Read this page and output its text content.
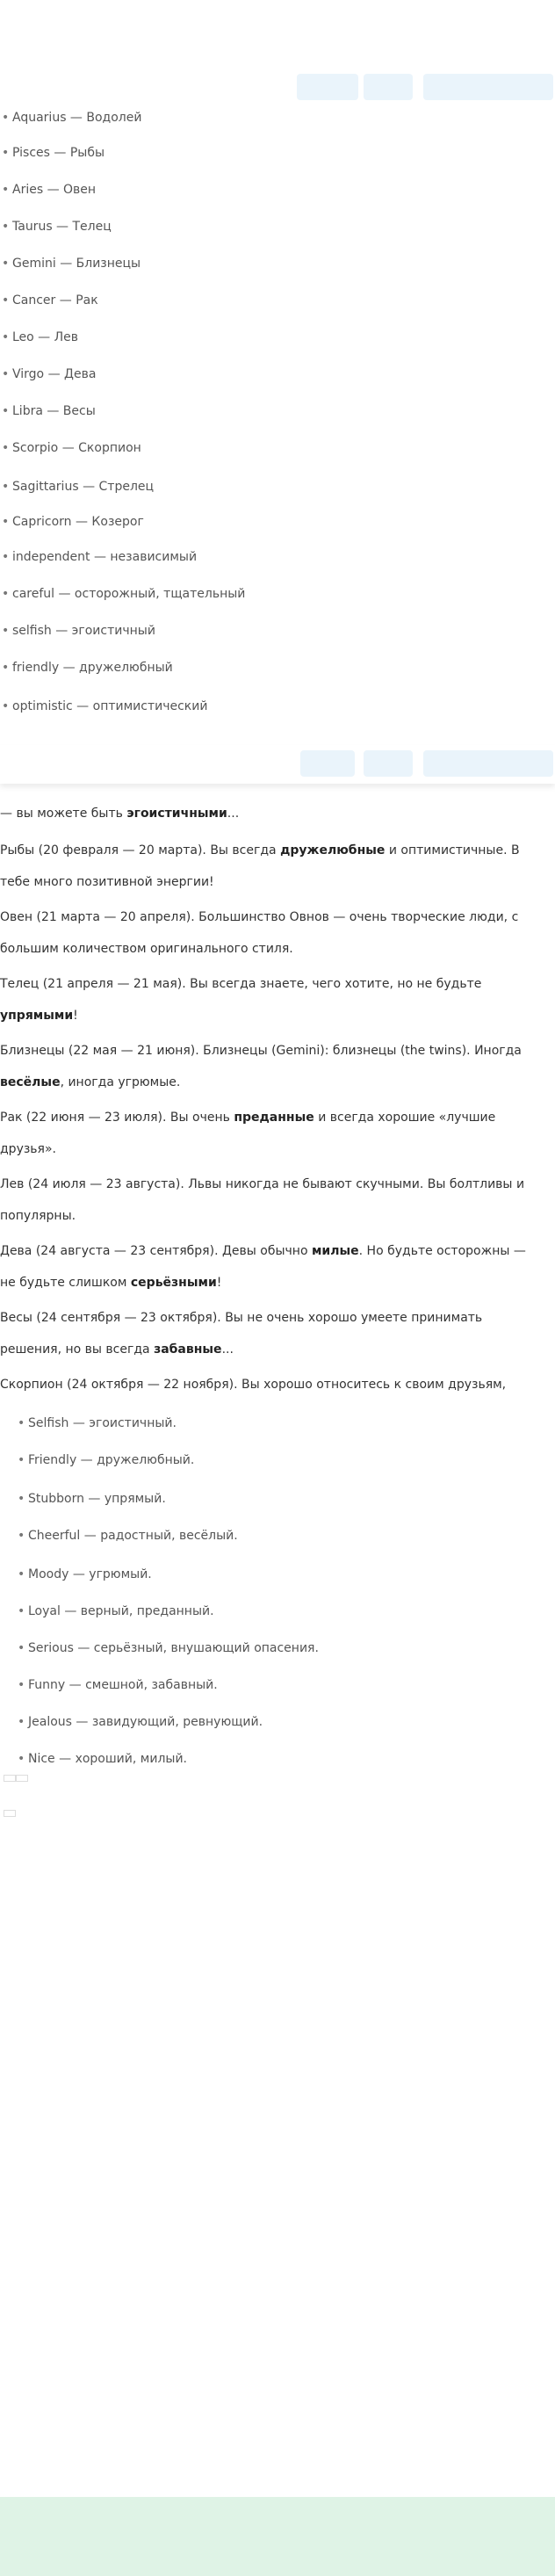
• Aquarius — Водолей
• Pisces — Рыбы
• Aries — Овен
• Taurus — Телец
• Gemini — Близнецы
• Cancer — Рак
• Leo — Лев
• Virgo — Дева
• Libra — Весы
• Scorpio — Скорпион
• Sagittarius — Стрелец
• Capricorn — Козерог
• independent — независимый
• careful — осторожный, тщательный
• selfish — эгоистичный
• friendly — дружелюбный
• optimistic — оптимистический
— вы можете быть эгоистичными...
Рыбы (20 февраля — 20 марта). Вы всегда дружелюбные и оптимистичные. В
тебе много позитивной энергии!
Овен (21 марта — 20 апреля). Большинство Овнов — очень творческие люди, с
большим количеством оригинального стиля.
Телец (21 апреля — 21 мая). Вы всегда знаете, чего хотите, но не будьте
упрямыми!
Близнецы (22 мая — 21 июня). Близнецы (Gemini): близнецы (the twins). Иногда
весёлые, иногда угрюмые.
Рак (22 июня — 23 июля). Вы очень преданные и всегда хорошие «лучшие
друзья».
Лев (24 июля — 23 августа). Львы никогда не бывают скучными. Вы болтливы и
популярны.
Дева (24 августа — 23 сентября). Девы обычно милые. Но будьте осторожны —
не будьте слишком серьёзными!
Весы (24 сентября — 23 октября). Вы не очень хорошо умеете принимать
решения, но вы всегда забавные...
Скорпион (24 октября — 22 ноября). Вы хорошо относитесь к своим друзьям,
• Selfish — эгоистичный.
• Friendly — дружелюбный.
• Stubborn — упрямый.
• Cheerful — радостный, весёлый.
• Moody — угрюмый.
• Loyal — верный, преданный.
• Serious — серьёзный, внушающий опасения.
• Funny — смешной, забавный.
• Jealous — завидующий, ревнующий.
• Nice — хороший, милый.
